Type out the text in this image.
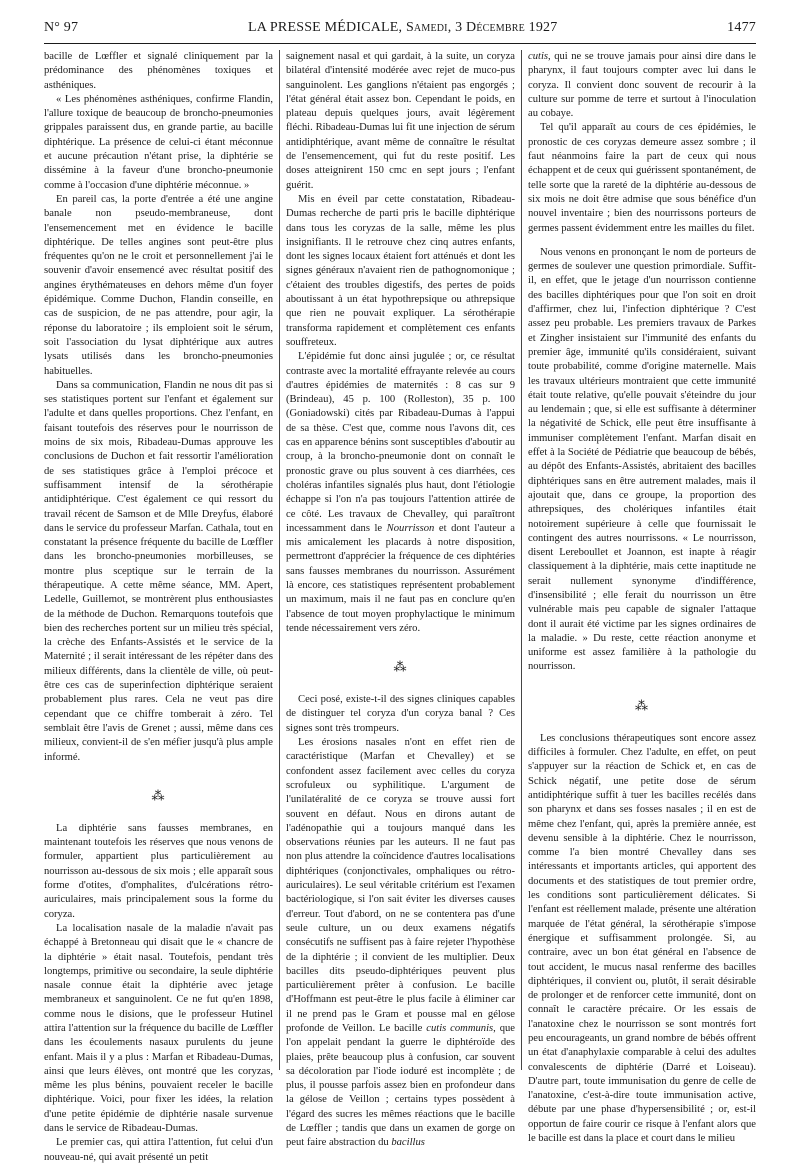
N° 97	LA PRESSE MÉDICALE, Samedi, 3 Décembre 1927	1477

bacille de Lœffler et signalé cliniquement par la prédominance des phénomènes toxiques et asthéniques.

« Les phénomènes asthéniques, confirme Flandin, l'allure toxique de beaucoup de broncho-pneumonies grippales paraissent dus, en grande partie, au bacille diphtérique. La présence de celui-ci étant méconnue et aucune précaution n'étant prise, la diphtérie se dissémine à la faveur d'une broncho-pneumonie comme à l'occasion d'une diphtérie méconnue. »

En pareil cas, la porte d'entrée a été une angine banale non pseudo-membraneuse, dont l'ensemencement met en évidence le bacille diphtérique. De telles angines sont peut-être plus fréquentes qu'on ne le croit et personnellement j'ai le souvenir d'avoir ensemencé avec résultat positif des angines érythémateuses en dehors même d'un foyer épidémique. Comme Duchon, Flandin conseille, en cas de suspicion, de ne pas attendre, pour agir, la réponse du laboratoire ; ils emploient soit le sérum, soit l'association du lysat diphtérique aux autres lysats utilisés dans les broncho-pneumonies habituelles.

Dans sa communication, Flandin ne nous dit pas si ses statistiques portent sur l'enfant et également sur l'adulte et dans quelles proportions. Chez l'enfant, en faisant toutefois des réserves pour le nourrisson de moins de six mois, Ribadeau-Dumas approuve les conclusions de Duchon et fait ressortir l'amélioration de ses statistiques grâce à l'emploi précoce et suffisamment intensif de la sérothérapie antidiphtérique. C'est également ce qui ressort du travail récent de Samson et de Mlle Dreyfus, élaboré dans le service du professeur Marfan. Cathala, tout en constatant la présence fréquente du bacille de Lœffler dans les broncho-pneumonies morbilleuses, se montre plus sceptique sur le terrain de la thérapeutique. A cette même séance, MM. Apert, Ledelle, Guillemot, se montrèrent plus enthousiastes de la méthode de Duchon. Remarquons toutefois que bien des recherches portent sur un milieu très spécial, la crèche des Enfants-Assistés et le service de la Maternité ; il serait intéressant de les répéter dans des milieux différents, dans la clientèle de ville, où peut-être ces cas de superinfection diphtérique seraient probablement plus rares. Cela ne veut pas dire cependant que ce chiffre tomberait à zéro. Tel semblait être l'avis de Grenet ; aussi, même dans ces milieux, convient-il de s'en méfier jusqu'à plus ample informé.

⁂

La diphtérie sans fausses membranes, en maintenant toutefois les réserves que nous venons de formuler, appartient plus particulièrement au nourrisson au-dessous de six mois ; elle apparaît sous forme d'otites, d'omphalites, d'ulcérations rétro-auriculaires, mais principalement sous la forme du coryza.

La localisation nasale de la maladie n'avait pas échappé à Bretonneau qui disait que le « chancre de la diphtérie » était nasal. Toutefois, pendant très longtemps, primitive ou secondaire, la seule diphtérie nasale connue était la diphtérie avec jetage membraneux et sanguinolent. Ce ne fut qu'en 1898, comme nous le disions, que le professeur Hutinel attira l'attention sur la fréquence du bacille de Lœffler dans les écoulements nasaux purulents du jeune enfant. Mais il y a plus : Marfan et Ribadeau-Dumas, ainsi que leurs élèves, ont montré que les coryzas, même les plus bénins, pouvaient receler le bacille diphtérique. Voici, pour fixer les idées, la relation d'une petite épidémie de diphtérie nasale survenue dans le service de Ribadeau-Dumas.

Le premier cas, qui attira l'attention, fut celui d'un nouveau-né, qui avait présenté un petit

saignement nasal et qui gardait, à la suite, un coryza bilatéral d'intensité modérée avec rejet de muco-pus sanguinolent. Les ganglions n'étaient pas engorgés ; l'état général était assez bon. Cependant le poids, en plateau depuis quelques jours, avait légèrement fléchi. Ribadeau-Dumas lui fit une injection de sérum antidiphtérique, avant même de connaître le résultat de l'ensemencement, qui fut du reste positif. Les doses atteignirent 150 cmc en sept jours ; l'enfant guérit.

Mis en éveil par cette constatation, Ribadeau-Dumas recherche de parti pris le bacille diphtérique dans tous les coryzas de la salle, même les plus insignifiants. Il le retrouve chez cinq autres enfants, dont les signes locaux étaient fort atténués et dont les signes généraux n'avaient rien de pathognomonique ; c'étaient des troubles digestifs, des pertes de poids aboutissant à un état hypothrepsique ou athrepsique que rien ne pouvait expliquer. La sérothérapie transforma rapidement et complètement ces enfants souffreteux.

L'épidémie fut donc ainsi jugulée ; or, ce résultat contraste avec la mortalité effrayante relevée au cours d'autres épidémies de maternités : 8 cas sur 9 (Brindeau), 45 p. 100 (Rolleston), 35 p. 100 (Goniadowski) cités par Ribadeau-Dumas à l'appui de sa thèse. C'est que, comme nous l'avons dit, ces cas en apparence bénins sont susceptibles d'aboutir au croup, à la broncho-pneumonie dont on connaît le pronostic grave ou plus souvent à ces diarrhées, ces choléras infantiles signalés plus haut, dont l'étiologie échappe si l'on n'a pas toujours l'attention attirée de ce côté. Les travaux de Chevalley, qui paraîtront incessamment dans le Nourrisson et dont l'auteur a mis amicalement les placards à notre disposition, permettront d'apprécier la fréquence de ces diphtéries sans fausses membranes du nourrisson. Assurément là encore, ces statistiques représentent probablement un maximum, mais il ne faut pas en conclure qu'en l'absence de tout moyen prophylactique le minimum tende nécessairement vers zéro.

⁂

Ceci posé, existe-t-il des signes cliniques capables de distinguer tel coryza d'un coryza banal ? Ces signes sont très trompeurs.

Les érosions nasales n'ont en effet rien de caractéristique (Marfan et Chevalley) et se confondent assez facilement avec celles du coryza scrofuleux ou syphilitique. L'argument de l'unilatéralité de ce coryza se trouve aussi fort souvent en défaut. Nous en dirons autant de l'adénopathie qui a toujours manqué dans les observations réunies par les auteurs. Il ne faut pas non plus attendre la coïncidence d'autres localisations diphtériques (conjonctivales, omphaliques ou rétro-auriculaires). Le seul véritable critérium est l'examen bactériologique, si l'on sait éviter les diverses causes d'erreur. Tout d'abord, on ne se contentera pas d'une seule culture, un ou deux examens négatifs consécutifs ne suffisent pas à faire rejeter l'hypothèse de la diphtérie ; il convient de les multiplier. Deux bacilles dits pseudo-diphtériques peuvent plus particulièrement prêter à confusion. Le bacille d'Hoffmann est peut-être le plus facile à éliminer car il ne prend pas le Gram et pousse mal en gélose profonde de Veillon. Le bacille cutis communis, que l'on appelait pendant la guerre le diphtéroïde des plaies, prête beaucoup plus à confusion, car souvent sa décoloration par l'iode ioduré est incomplète ; de plus, il pousse parfois assez bien en profondeur dans la gélose de Veillon ; certains types possèdent à l'égard des sucres les mêmes réactions que le bacille de Lœffler ; tandis que dans un examen de gorge on peut faire abstraction du bacillus

cutis, qui ne se trouve jamais pour ainsi dire dans le pharynx, il faut toujours compter avec lui dans le coryza. Il convient donc souvent de recourir à la culture sur pomme de terre et surtout à l'inoculation au cobaye.

Tel qu'il apparaît au cours de ces épidémies, le pronostic de ces coryzas demeure assez sombre ; il faut néanmoins faire la part de ceux qui nous échappent et de ceux qui guérissent spontanément, de telle sorte que la rareté de la diphtérie au-dessous de six mois ne doit être admise que sous bénéfice d'un nouvel inventaire ; bien des nourrissons porteurs de germes passent évidemment entre les mailles du filet.

Nous venons en prononçant le nom de porteurs de germes de soulever une question primordiale. Suffit-il, en effet, que le jetage d'un nourrisson contienne des bacilles diphtériques pour que l'on soit en droit d'affirmer, chez lui, l'infection diphtérique ? C'est assez peu probable. Les premiers travaux de Parkes et Zingher insistaient sur l'immunité des enfants du premier âge, immunité qu'ils considéraient, suivant toute probabilité, comme d'origine maternelle. Mais les travaux ultérieurs montraient que cette immunité était toute relative, qu'elle pouvait s'éteindre du jour au lendemain ; que, si elle est suffisante à déterminer la négativité de Schick, elle peut être insuffisante à immuniser complètement l'enfant. Marfan disait en effet à la Société de Pédiatrie que beaucoup de bébés, au dépôt des Enfants-Assistés, abritaient des bacilles diphtériques sans en être autrement malades, mais il ajoutait que, dans ce groupe, la proportion des athrepsiques, des cholériques infantiles était notoirement supérieure à celle que fournissait le contingent des autres nourrissons. « Le nourrisson, disent Lereboullet et Joannon, est inapte à réagir classiquement à la diphtérie, mais cette inaptitude ne serait nullement synonyme d'indifférence, d'insensibilité ; elle ferait du nourrisson un être vulnérable mais peu capable de signaler l'attaque dont il aurait été victime par les signes ordinaires de la maladie. » Du reste, cette réaction anonyme et uniforme est assez familière à la pathologie du nourrisson.

⁂

Les conclusions thérapeutiques sont encore assez difficiles à formuler. Chez l'adulte, en effet, on peut s'appuyer sur la réaction de Schick et, en cas de Schick négatif, une petite dose de sérum antidiphtérique suffit à tuer les bacilles recélés dans son pharynx et dans ses fosses nasales ; il en est de même chez l'enfant, qui, après la première année, est devenu sensible à la diphtérie. Chez le nourrisson, comme l'a bien montré Chevalley dans ses intéressants et importants articles, qui apportent des documents et des statistiques de tout premier ordre, les conditions sont particulièrement délicates. Si l'enfant est réellement malade, présente une altération marquée de l'état général, la sérothérapie s'impose énergique et suffisamment prolongée. Si, au contraire, avec un bon état général en l'absence de tout accident, le mucus nasal renferme des bacilles diphtériques, il convient ou, plutôt, il serait désirable de prolonger et de renforcer cette immunité, dont on connaît le caractère précaire. Or les essais de l'anatoxine chez le nourrisson se sont montrés fort peu encourageants, un grand nombre de bébés offrent un état d'anaphylaxie comparable à celui des adultes convalescents de diphtérie (Darré et Loiseau). D'autre part, toute immunisation du genre de celle de l'anatoxine, c'est-à-dire toute immunisation active, débute par une phase d'hypersensibilité ; or, est-il opportun de faire courir ce risque à l'enfant alors que le bacille est dans la place et court dans le milieu
